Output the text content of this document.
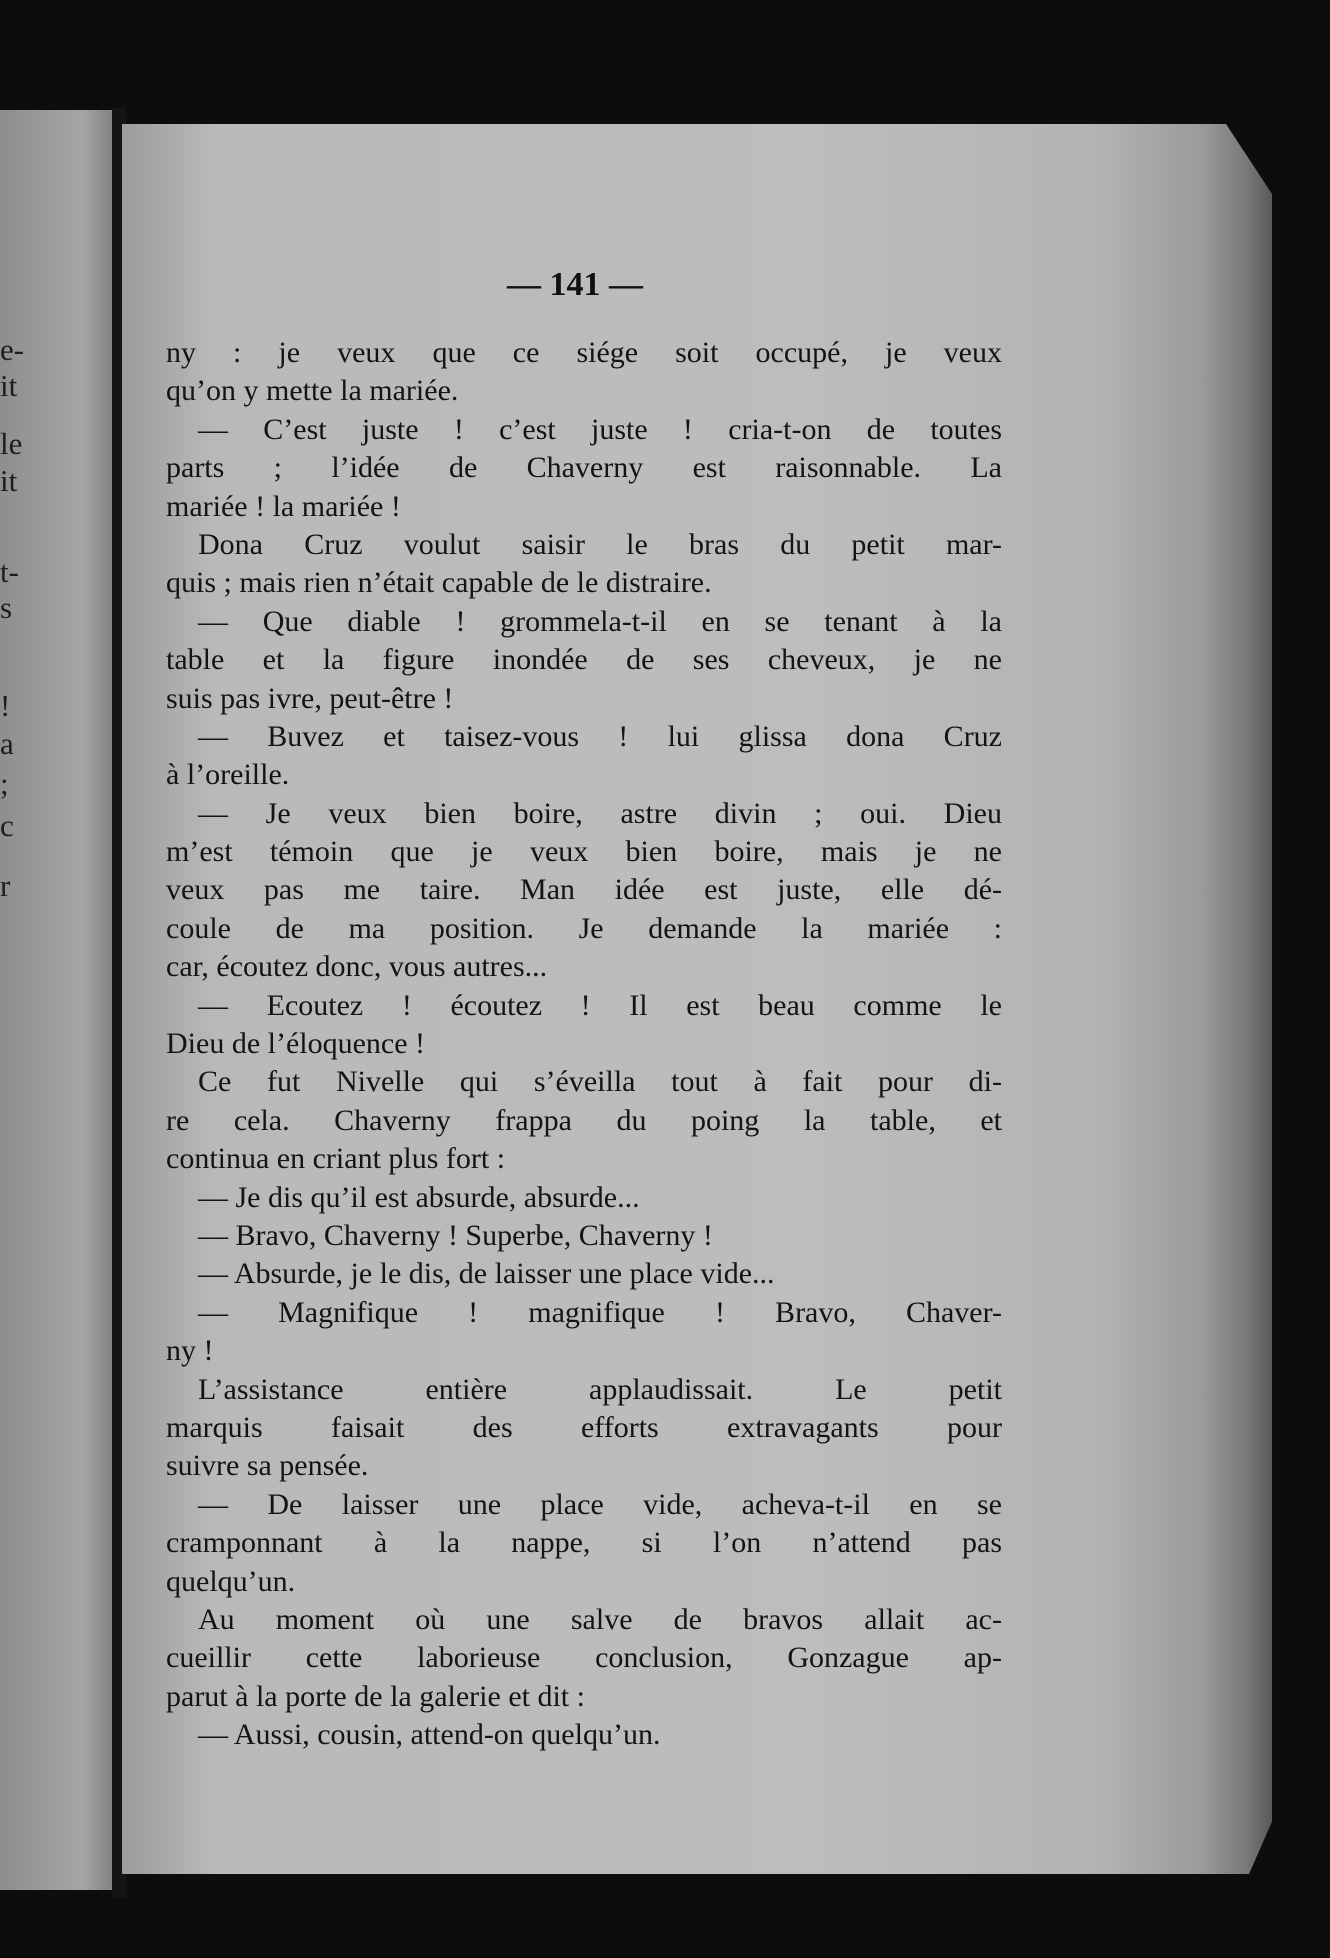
e-
it
le
it
t-
s
!
a
;
c
r
— 141 —
ny : je veux que ce siége soit occupé, je veux
qu’on y mette la mariée.
— C’est juste ! c’est juste ! cria-t-on de toutes
parts ; l’idée de Chaverny est raisonnable. La
mariée ! la mariée !
Dona Cruz voulut saisir le bras du petit mar-
quis ; mais rien n’était capable de le distraire.
— Que diable ! grommela-t-il en se tenant à la
table et la figure inondée de ses cheveux, je ne
suis pas ivre, peut-être !
— Buvez et taisez-vous ! lui glissa dona Cruz
à l’oreille.
— Je veux bien boire, astre divin ; oui. Dieu
m’est témoin que je veux bien boire, mais je ne
veux pas me taire. Man idée est juste, elle dé-
coule de ma position. Je demande la mariée :
car, écoutez donc, vous autres...
— Ecoutez ! écoutez ! Il est beau comme le
Dieu de l’éloquence !
Ce fut Nivelle qui s’éveilla tout à fait pour di-
re cela. Chaverny frappa du poing la table, et
continua en criant plus fort :
— Je dis qu’il est absurde, absurde...
— Bravo, Chaverny ! Superbe, Chaverny !
— Absurde, je le dis, de laisser une place vide...
— Magnifique ! magnifique ! Bravo, Chaver-
ny !
L’assistance entière applaudissait. Le petit
marquis faisait des efforts extravagants pour
suivre sa pensée.
— De laisser une place vide, acheva-t-il en se
cramponnant à la nappe, si l’on n’attend pas
quelqu’un.
Au moment où une salve de bravos allait ac-
cueillir cette laborieuse conclusion, Gonzague ap-
parut à la porte de la galerie et dit :
— Aussi, cousin, attend-on quelqu’un.
